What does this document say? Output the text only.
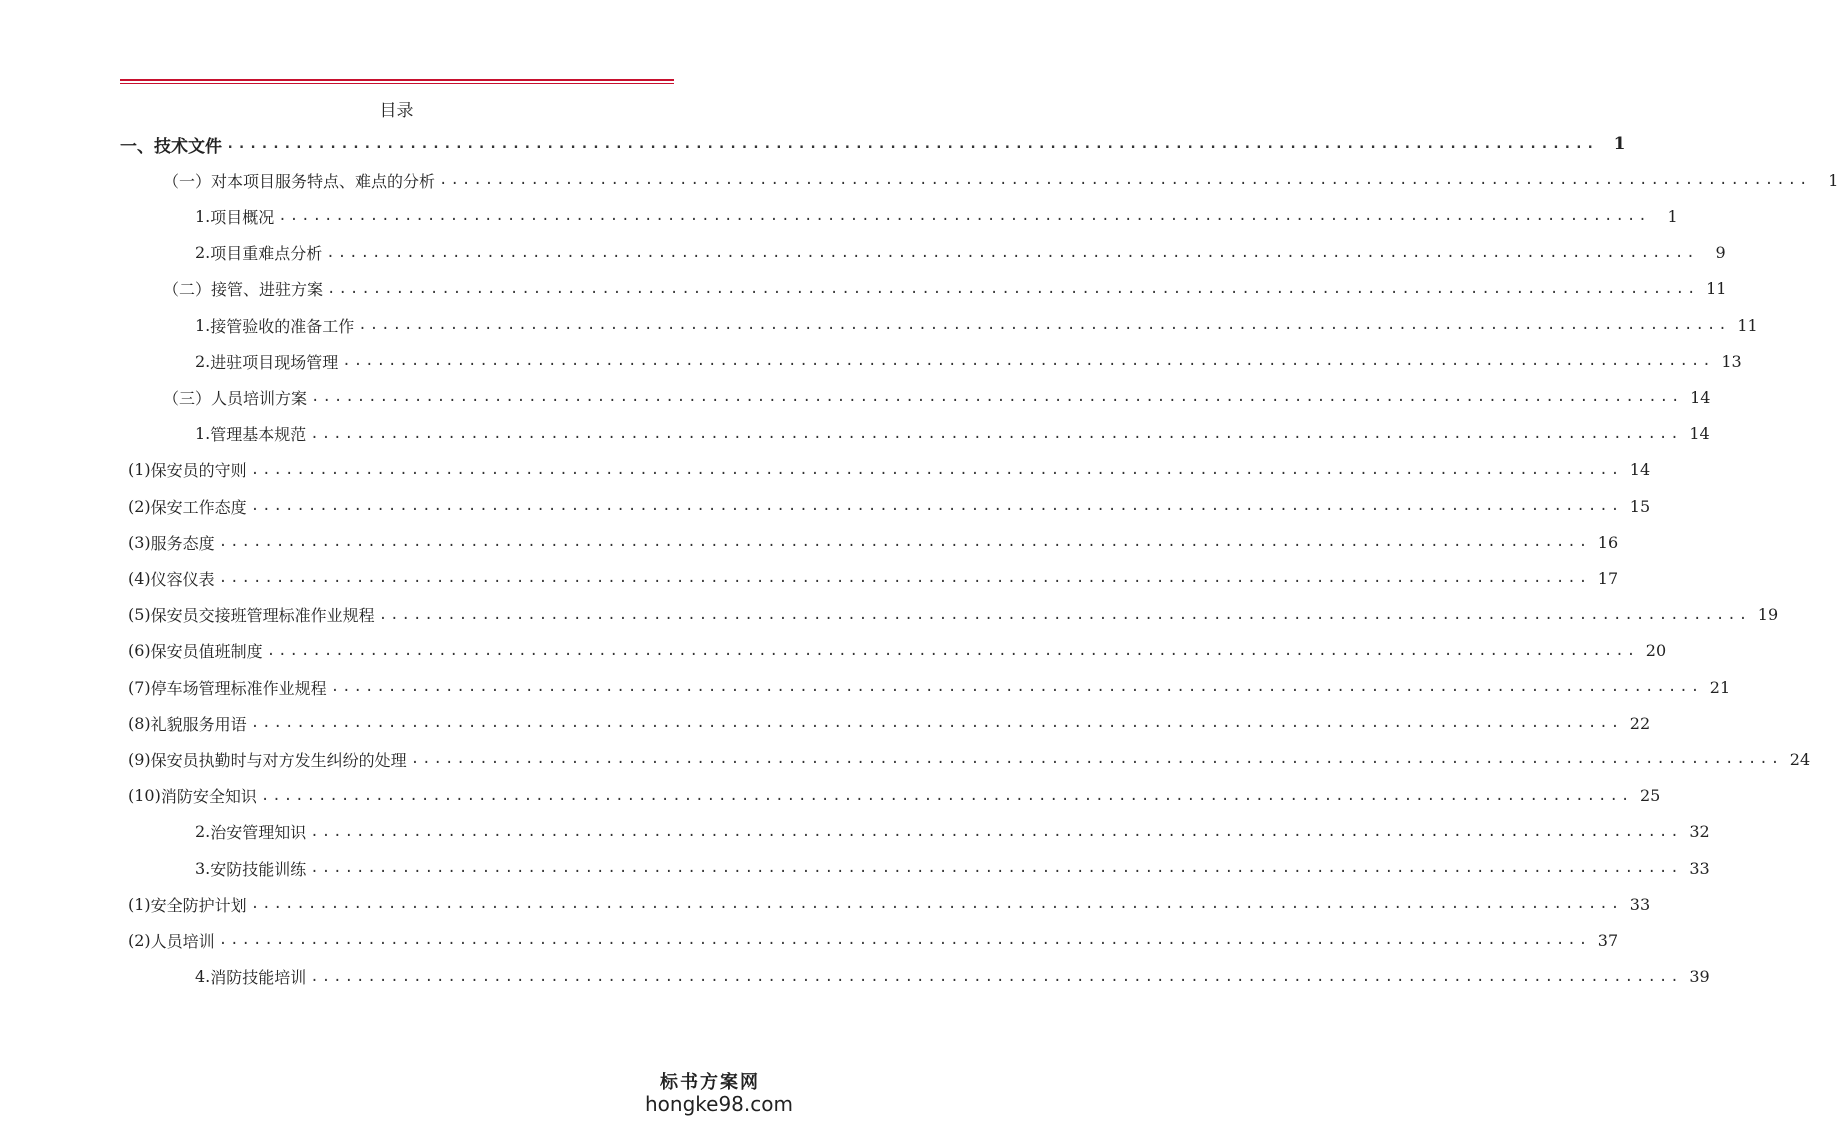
目录
一、 技术文件 ........................................................................................................................ 1
（一） 对本项目服务特点、难点的分析 ........................................................................................................................	1
1. 项目概况 ........................................................................................................................	1
2. 项目重难点分析 ........................................................................................................................	9
（二） 接管、进驻方案 ........................................................................................................................ 11
1. 接管验收的准备工作 ........................................................................................................................ 11
2. 进驻项目现场管理 ........................................................................................................................ 13
（三） 人员培训方案 ........................................................................................................................ 14
1. 管理基本规范 ........................................................................................................................ 14
(1) 保安员的守则 ........................................................................................................................ 14
(2) 保安工作态度 ........................................................................................................................ 15
(3) 服务态度 ........................................................................................................................ 16
(4) 仪容仪表 ........................................................................................................................ 17
(5) 保安员交接班管理标准作业规程 ........................................................................................................................ 19
(6) 保安员值班制度 ........................................................................................................................ 20
(7) 停车场管理标准作业规程 ........................................................................................................................ 21
(8) 礼貌服务用语 ........................................................................................................................ 22
(9) 保安员执勤时与对方发生纠纷的处理 ........................................................................................................................ 24
(10) 消防安全知识 ........................................................................................................................ 25
2. 治安管理知识 ........................................................................................................................ 32
3. 安防技能训练 ........................................................................................................................ 33
(1) 安全防护计划 ........................................................................................................................ 33
(2) 人员培训 ........................................................................................................................ 37
4. 消防技能培训 ........................................................................................................................ 39
标书方案网
hongke98.com
